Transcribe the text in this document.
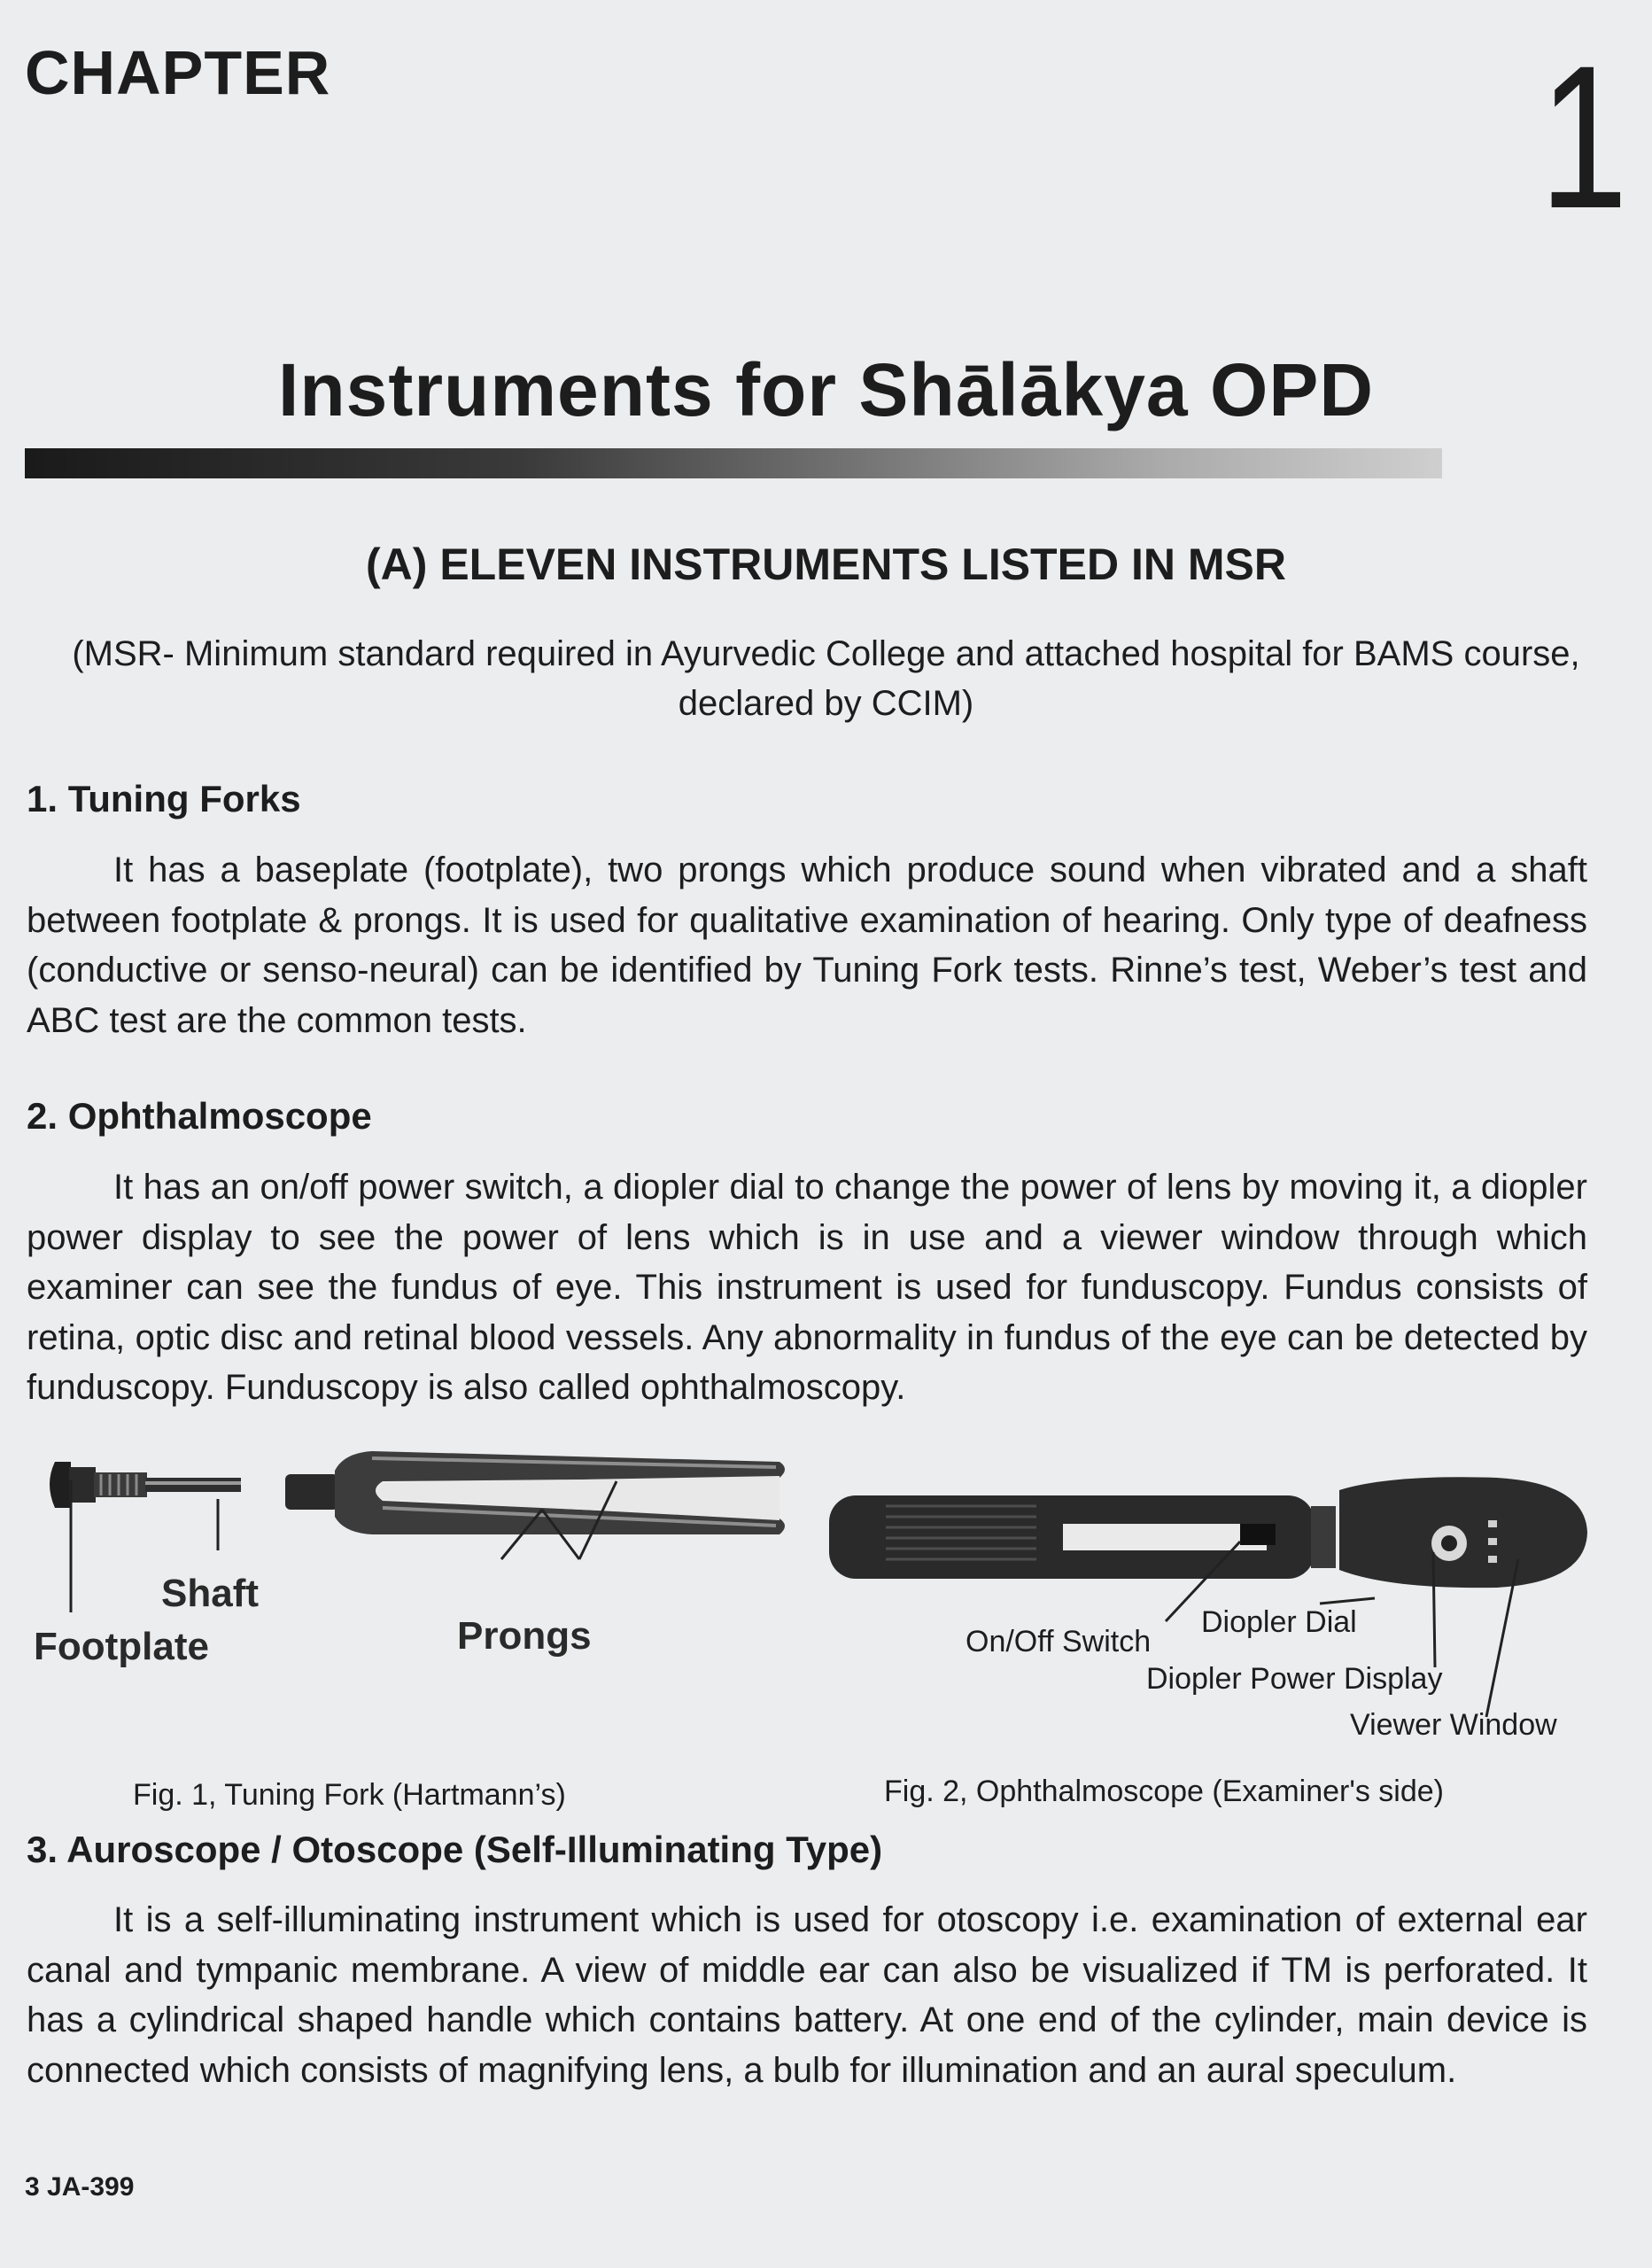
CHAPTER	1
Instruments for Shālākya OPD
(A) ELEVEN INSTRUMENTS LISTED IN MSR
(MSR- Minimum standard required in Ayurvedic College and attached hospital for BAMS course, declared by CCIM)
1. Tuning Forks
It has a baseplate (footplate), two prongs which produce sound when vibrated and a shaft between footplate & prongs. It is used for qualitative examination of hearing. Only type of deafness (conductive or senso-neural) can be identified by Tuning Fork tests. Rinne’s test, Weber’s test and ABC test are the common tests.
2. Ophthalmoscope
It has an on/off power switch, a diopler dial to change the power of lens by moving it, a diopler power display to see the power of lens which is in use and a viewer window through which examiner can see the fundus of eye. This instrument is used for funduscopy. Fundus consists of retina, optic disc and retinal blood vessels. Any abnormality in fundus of the eye can be detected by funduscopy. Funduscopy is also called ophthalmoscopy.
Shaft
Footplate	Prongs
Fig. 1, Tuning Fork (Hartmann’s)
On/Off Switch
Diopler Dial
Diopler Power Display
Viewer Window
Fig. 2, Ophthalmoscope (Examiner's side)
3. Auroscope / Otoscope (Self-Illuminating Type)
It is a self-illuminating instrument which is used for otoscopy i.e. examination of external ear canal and tympanic membrane. A view of middle ear can also be visualized if TM is perforated. It has a cylindrical shaped handle which contains battery. At one end of the cylinder, main device is connected which consists of magnifying lens, a bulb for illumination and an aural speculum.
3 JA-399
